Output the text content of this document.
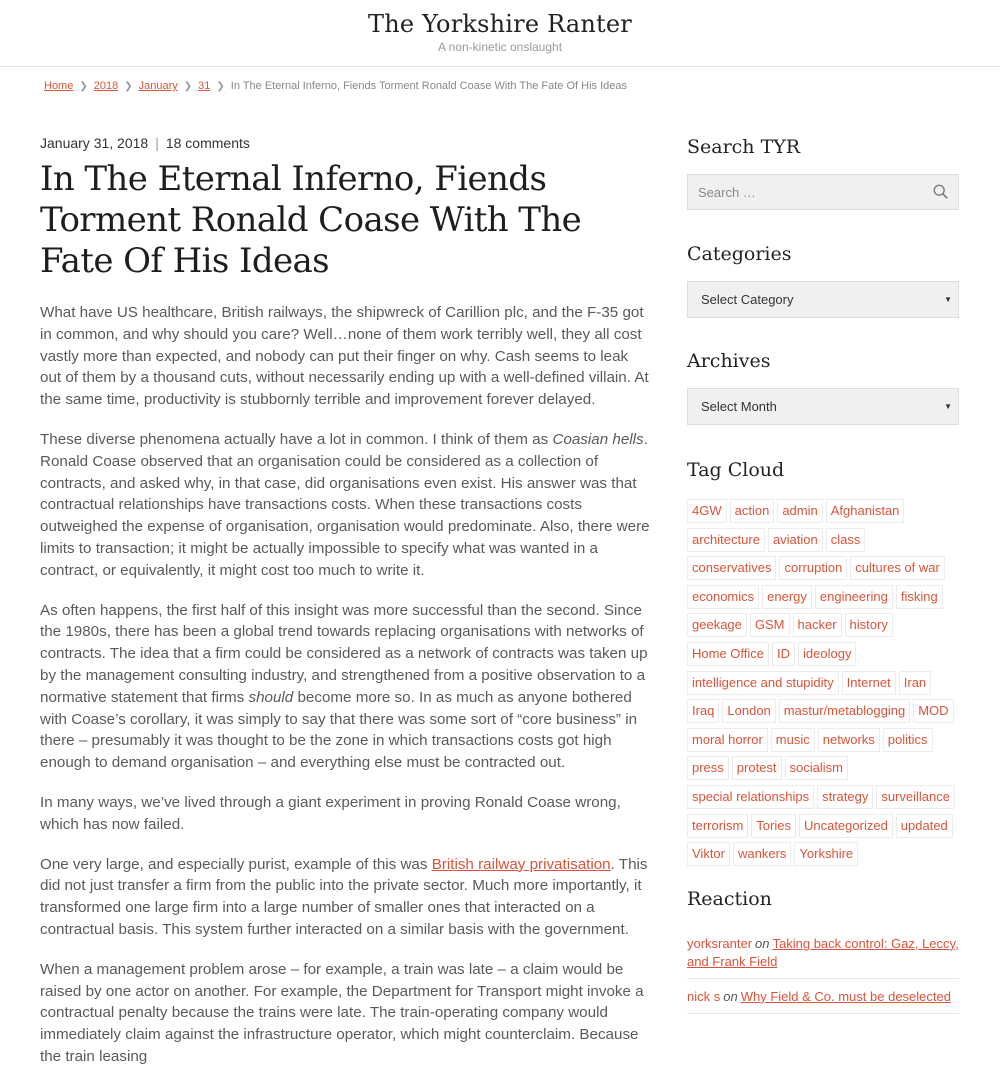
The Yorkshire Ranter
A non-kinetic onslaught
Home ❯ 2018 ❯ January ❯ 31 ❯ In The Eternal Inferno, Fiends Torment Ronald Coase With The Fate Of His Ideas
January 31, 2018 | 18 comments
In The Eternal Inferno, Fiends Torment Ronald Coase With The Fate Of His Ideas

What have US healthcare, British railways, the shipwreck of Carillion plc, and the F-35 got in common, and why should you care? Well…none of them work terribly well, they all cost vastly more than expected, and nobody can put their finger on why. Cash seems to leak out of them by a thousand cuts, without necessarily ending up with a well-defined villain. At the same time, productivity is stubbornly terrible and improvement forever delayed.

These diverse phenomena actually have a lot in common. I think of them as Coasian hells. Ronald Coase observed that an organisation could be considered as a collection of contracts, and asked why, in that case, did organisations even exist. His answer was that contractual relationships have transactions costs. When these transactions costs outweighed the expense of organisation, organisation would predominate. Also, there were limits to transaction; it might be actually impossible to specify what was wanted in a contract, or equivalently, it might cost too much to write it.

As often happens, the first half of this insight was more successful than the second. Since the 1980s, there has been a global trend towards replacing organisations with networks of contracts. The idea that a firm could be considered as a network of contracts was taken up by the management consulting industry, and strengthened from a positive observation to a normative statement that firms should become more so. In as much as anyone bothered with Coase’s corollary, it was simply to say that there was some sort of “core business” in there – presumably it was thought to be the zone in which transactions costs got high enough to demand organisation – and everything else must be contracted out.

In many ways, we’ve lived through a giant experiment in proving Ronald Coase wrong, which has now failed.

One very large, and especially purist, example of this was British railway privatisation. This did not just transfer a firm from the public into the private sector. Much more importantly, it transformed one large firm into a large number of smaller ones that interacted on a contractual basis. This system further interacted on a similar basis with the government.

When a management problem arose – for example, a train was late – a claim would be raised by one actor on another. For example, the Department for Transport might invoke a contractual penalty because the trains were late. The train-operating company would immediately claim against the infrastructure operator, which might counterclaim. Because the train leasing

Search TYR
Search …
Categories
Select Category	▼
Archives
Select Month	▼
Tag Cloud
4GW action admin Afghanistanarchitecture aviation classconservatives corruption cultures of wareconomics energy engineering fiskinggeekage GSM hacker historyHome Office ID ideologyintelligence and stupidity Internet IranIraq London mastur/metablogging MODmoral horror music networks politicspress protest socialismspecial relationships strategy surveillanceterrorism Tories Uncategorized updatedViktor wankers Yorkshire
Reaction
yorksranter on Taking back control: Gaz, Leccy, and Frank Field
nick s on Why Field & Co. must be deselected
